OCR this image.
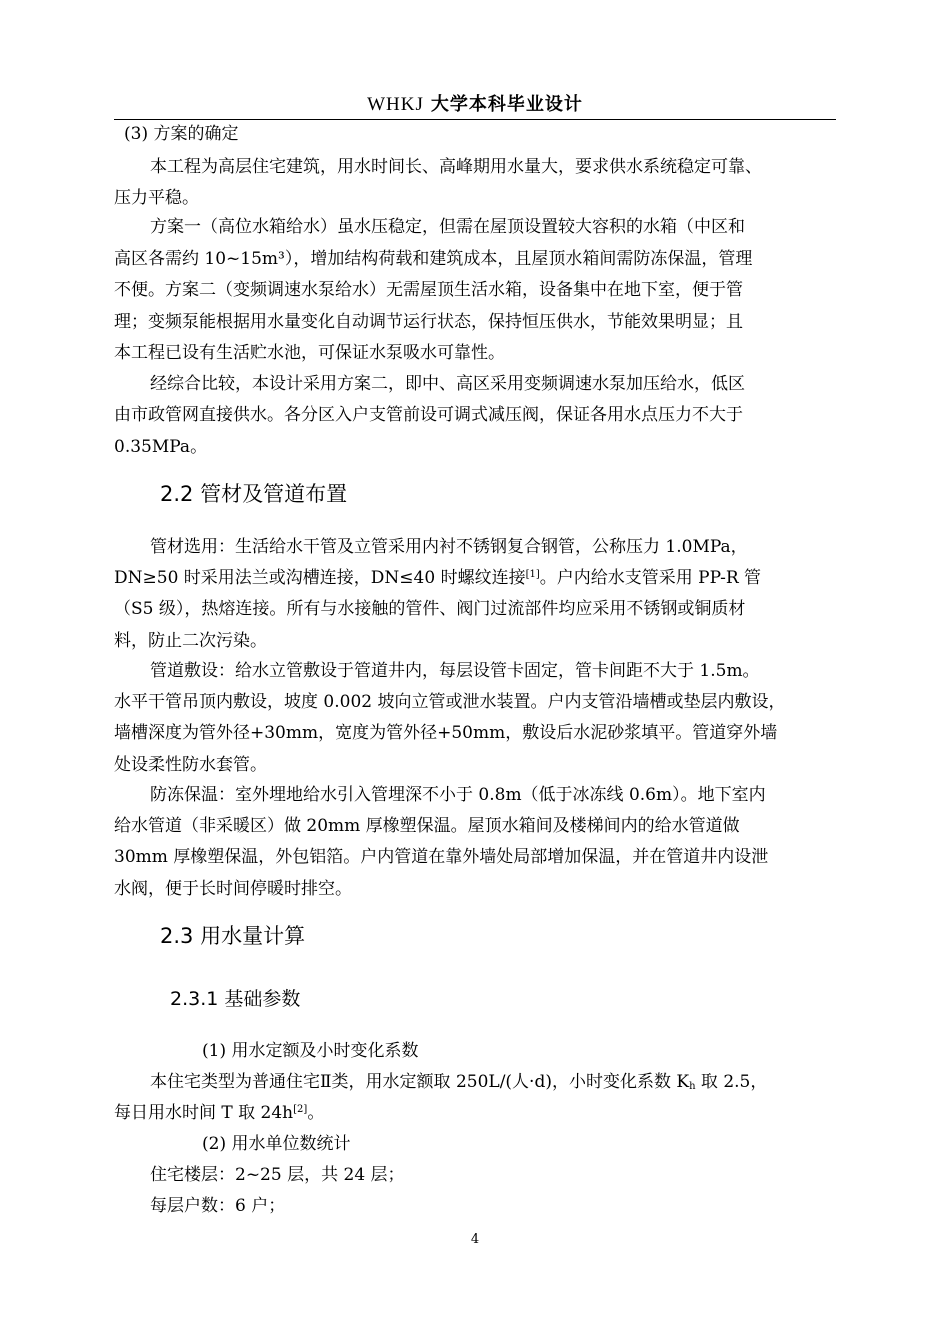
WHKJ 大学本科毕业设计
(3) 方案的确定
本工程为高层住宅建筑，用水时间长、高峰期用水量大，要求供水系统稳定可靠、
压力平稳。
方案一（高位水箱给水）虽水压稳定，但需在屋顶设置较大容积的水箱（中区和
高区各需约 10~15m³），增加结构荷载和建筑成本，且屋顶水箱间需防冻保温，管理
不便。方案二（变频调速水泵给水）无需屋顶生活水箱，设备集中在地下室，便于管
理；变频泵能根据用水量变化自动调节运行状态，保持恒压供水，节能效果明显；且
本工程已设有生活贮水池，可保证水泵吸水可靠性。
经综合比较，本设计采用方案二，即中、高区采用变频调速水泵加压给水，低区
由市政管网直接供水。各分区入户支管前设可调式减压阀，保证各用水点压力不大于
0.35MPa。
2.2 管材及管道布置
管材选用：生活给水干管及立管采用内衬不锈钢复合钢管，公称压力 1.0MPa，
DN≥50 时采用法兰或沟槽连接，DN≤40 时螺纹连接[1]。户内给水支管采用 PP-R 管
（S5 级），热熔连接。所有与水接触的管件、阀门过流部件均应采用不锈钢或铜质材
料，防止二次污染。
管道敷设：给水立管敷设于管道井内，每层设管卡固定，管卡间距不大于 1.5m。
水平干管吊顶内敷设，坡度 0.002 坡向立管或泄水装置。户内支管沿墙槽或垫层内敷设，
墙槽深度为管外径+30mm，宽度为管外径+50mm，敷设后水泥砂浆填平。管道穿外墙
处设柔性防水套管。
防冻保温：室外埋地给水引入管埋深不小于 0.8m（低于冰冻线 0.6m）。地下室内
给水管道（非采暖区）做 20mm 厚橡塑保温。屋顶水箱间及楼梯间内的给水管道做
30mm 厚橡塑保温，外包铝箔。户内管道在靠外墙处局部增加保温，并在管道井内设泄
水阀，便于长时间停暖时排空。
2.3 用水量计算
2.3.1 基础参数
(1) 用水定额及小时变化系数
本住宅类型为普通住宅Ⅱ类，用水定额取 250L/(人·d)，小时变化系数 $K_h$ 取 2.5，
每日用水时间 T 取 24h[2]。
(2) 用水单位数统计
住宅楼层：2~25 层，共 24 层；
每层户数：6 户；
4
